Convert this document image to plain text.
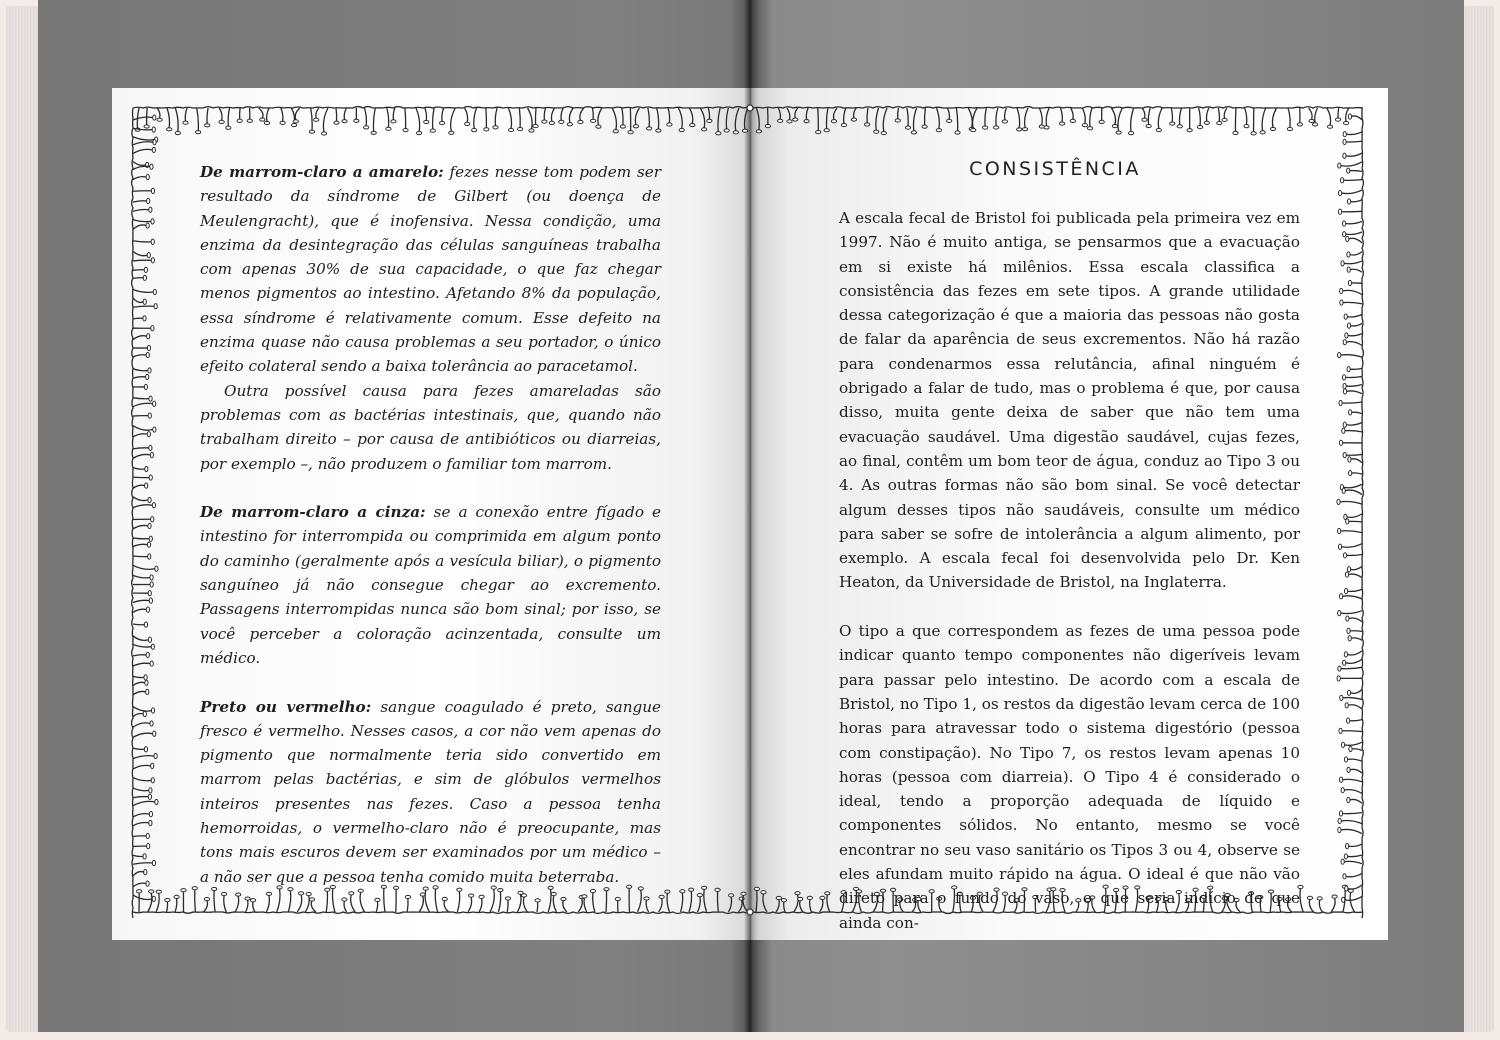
De marrom-claro a amarelo: fezes nesse tom podem ser resultado da síndrome de Gilbert (ou doença de Meulengracht), que é inofensiva. Nessa condição, uma enzima da desintegração das células sanguíneas trabalha com apenas 30% de sua capacidade, o que faz chegar menos pigmentos ao intestino. Afetando 8% da população, essa síndrome é relativamente comum. Esse defeito na enzima quase não causa problemas a seu portador, o único efeito colateral sendo a baixa tolerância ao paracetamol.

Outra possível causa para fezes amareladas são problemas com as bactérias intestinais, que, quando não trabalham direito – por causa de antibióticos ou diarreias, por exemplo –, não produzem o familiar tom marrom.

De marrom-claro a cinza: se a conexão entre fígado e intestino for interrompida ou comprimida em algum ponto do caminho (geralmente após a vesícula biliar), o pigmento sanguíneo já não consegue chegar ao excremento. Passagens interrompidas nunca são bom sinal; por isso, se você perceber a coloração acinzentada, consulte um médico.

Preto ou vermelho: sangue coagulado é preto, sangue fresco é vermelho. Nesses casos, a cor não vem apenas do pigmento que normalmente teria sido convertido em marrom pelas bactérias, e sim de glóbulos vermelhos inteiros presentes nas fezes. Caso a pessoa tenha hemorroidas, o vermelho-claro não é preocupante, mas tons mais escuros devem ser examinados por um médico – a não ser que a pessoa tenha comido muita beterraba.

CONSISTÊNCIA

A escala fecal de Bristol foi publicada pela primeira vez em 1997. Não é muito antiga, se pensarmos que a evacuação em si existe há milênios. Essa escala classifica a consistência das fezes em sete tipos. A grande utilidade dessa categorização é que a maioria das pessoas não gosta de falar da aparência de seus excrementos. Não há razão para condenarmos essa relutância, afinal ninguém é obrigado a falar de tudo, mas o problema é que, por causa disso, muita gente deixa de saber que não tem uma evacuação saudável. Uma digestão saudável, cujas fezes, ao final, contêm um bom teor de água, conduz ao Tipo 3 ou 4. As outras formas não são bom sinal. Se você detectar algum desses tipos não saudáveis, consulte um médico para saber se sofre de intolerância a algum alimento, por exemplo. A escala fecal foi desenvolvida pelo Dr. Ken Heaton, da Universidade de Bristol, na Inglaterra.

O tipo a que correspondem as fezes de uma pessoa pode indicar quanto tempo componentes não digeríveis levam para passar pelo intestino. De acordo com a escala de Bristol, no Tipo 1, os restos da digestão levam cerca de 100 horas para atravessar todo o sistema digestório (pessoa com constipação). No Tipo 7, os restos levam apenas 10 horas (pessoa com diarreia). O Tipo 4 é considerado o ideal, tendo a proporção adequada de líquido e componentes sólidos. No entanto, mesmo se você encontrar no seu vaso sanitário os Tipos 3 ou 4, observe se eles afundam muito rápido na água. O ideal é que não vão direto para o fundo do vaso, o que seria indício de que ainda con-
